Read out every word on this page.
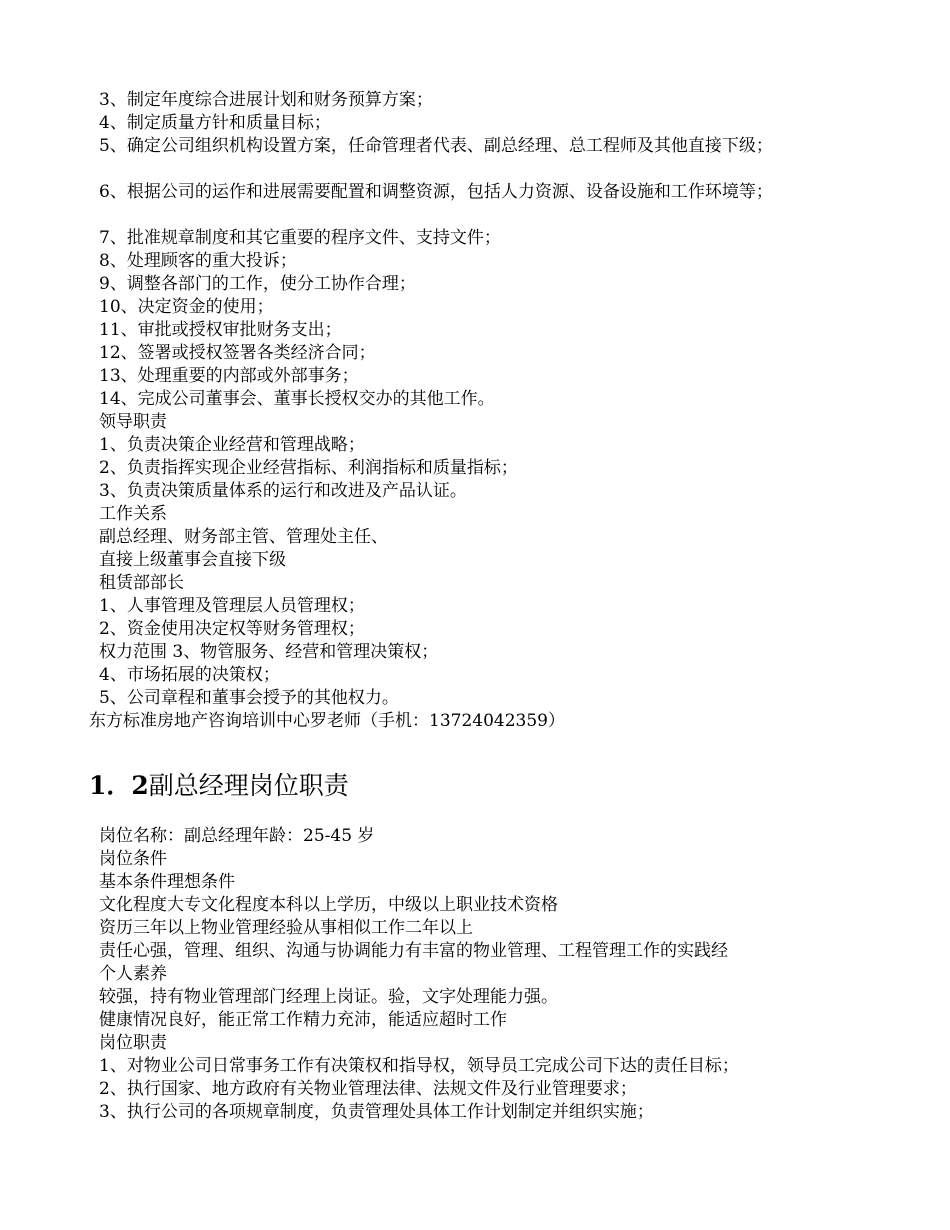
3、制定年度综合进展计划和财务预算方案；
4、制定质量方针和质量目标；
5、确定公司组织机构设置方案，任命管理者代表、副总经理、总工程师及其他直接下级；
6、根据公司的运作和进展需要配置和调整资源，包括人力资源、设备设施和工作环境等；
7、批准规章制度和其它重要的程序文件、支持文件；
8、处理顾客的重大投诉；
9、调整各部门的工作，使分工协作合理；
10、决定资金的使用；
11、审批或授权审批财务支出；
12、签署或授权签署各类经济合同；
13、处理重要的内部或外部事务；
14、完成公司董事会、董事长授权交办的其他工作。
领导职责
1、负责决策企业经营和管理战略；
2、负责指挥实现企业经营指标、利润指标和质量指标；
3、负责决策质量体系的运行和改进及产品认证。
工作关系
副总经理、财务部主管、管理处主任、
直接上级董事会直接下级
租赁部部长
1、人事管理及管理层人员管理权；
2、资金使用决定权等财务管理权；
权力范围 3、物管服务、经营和管理决策权；
4、市场拓展的决策权；
5、公司章程和董事会授予的其他权力。
东方标准房地产咨询培训中心罗老师（手机：13724042359）
1．2副总经理岗位职责
岗位名称：副总经理年龄：25-45 岁
岗位条件
基本条件理想条件
文化程度大专文化程度本科以上学历，中级以上职业技术资格
资历三年以上物业管理经验从事相似工作二年以上
责任心强，管理、组织、沟通与协调能力有丰富的物业管理、工程管理工作的实践经
个人素养
较强，持有物业管理部门经理上岗证。验，文字处理能力强。
健康情况良好，能正常工作精力充沛，能适应超时工作
岗位职责
1、对物业公司日常事务工作有决策权和指导权，领导员工完成公司下达的责任目标；
2、执行国家、地方政府有关物业管理法律、法规文件及行业管理要求；
3、执行公司的各项规章制度，负责管理处具体工作计划制定并组织实施；
